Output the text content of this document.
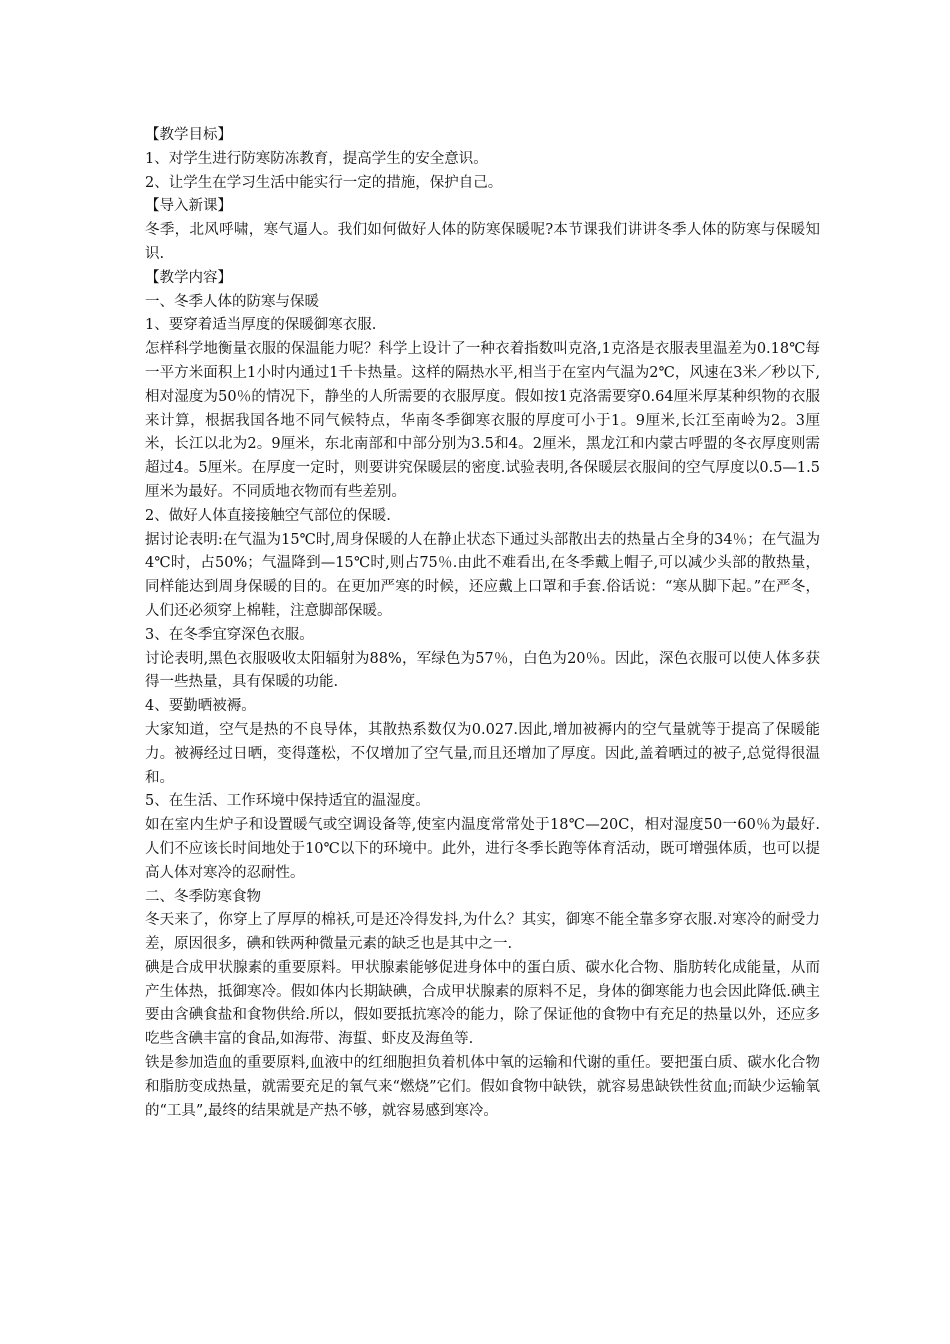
【教学目标】

1、对学生进行防寒防冻教育，提高学生的安全意识。

2、让学生在学习生活中能实行一定的措施，保护自己。

【导入新课】

冬季，北风呼啸，寒气逼人。我们如何做好人体的防寒保暖呢?本节课我们讲讲冬季人体的防寒与保暖知识.

【教学内容】

一、冬季人体的防寒与保暖

1、要穿着适当厚度的保暖御寒衣服.

怎样科学地衡量衣服的保温能力呢？科学上设计了一种衣着指数叫克洛,1克洛是衣服表里温差为0.18℃每一平方米面积上1小时内通过1千卡热量。这样的隔热水平,相当于在室内气温为2℃，风速在3米／秒以下,相对湿度为50％的情况下，静坐的人所需要的衣服厚度。假如按1克洛需要穿0.64厘米厚某种织物的衣服来计算，根据我国各地不同气候特点，华南冬季御寒衣服的厚度可小于1。9厘米,长江至南岭为2。3厘米，长江以北为2。9厘米，东北南部和中部分别为3.5和4。2厘米，黑龙江和内蒙古呼盟的冬衣厚度则需超过4。5厘米。在厚度一定时，则要讲究保暖层的密度.试验表明,各保暖层衣服间的空气厚度以0.5—1.5厘米为最好。不同质地衣物而有些差别。

2、做好人体直接接触空气部位的保暖.

据讨论表明:在气温为15℃时,周身保暖的人在静止状态下通过头部散出去的热量占全身的34％；在气温为4℃时，占50%；气温降到—15℃时,则占75％.由此不难看出,在冬季戴上帽子,可以减少头部的散热量，同样能达到周身保暖的目的。在更加严寒的时候，还应戴上口罩和手套.俗话说：“寒从脚下起。”在严冬，人们还必须穿上棉鞋，注意脚部保暖。

3、在冬季宜穿深色衣服。

讨论表明,黑色衣服吸收太阳辐射为88%，军绿色为57％，白色为20％。因此，深色衣服可以使人体多获得一些热量，具有保暖的功能.

4、要勤晒被褥。

大家知道，空气是热的不良导体，其散热系数仅为0.027.因此,增加被褥内的空气量就等于提高了保暖能力。被褥经过日晒，变得蓬松，不仅增加了空气量,而且还增加了厚度。因此,盖着晒过的被子,总觉得很温和。

5、在生活、工作环境中保持适宜的温湿度。

如在室内生炉子和设置暖气或空调设备等,使室内温度常常处于18℃—20C，相对湿度50一60％为最好.人们不应该长时间地处于10℃以下的环境中。此外，进行冬季长跑等体育活动，既可增强体质，也可以提高人体对寒冷的忍耐性。

二、冬季防寒食物

冬天来了，你穿上了厚厚的棉袄,可是还冷得发抖,为什么？其实，御寒不能全靠多穿衣服.对寒冷的耐受力差，原因很多，碘和铁两种微量元素的缺乏也是其中之一.

碘是合成甲状腺素的重要原料。甲状腺素能够促进身体中的蛋白质、碳水化合物、脂肪转化成能量，从而产生体热，抵御寒冷。假如体内长期缺碘，合成甲状腺素的原料不足，身体的御寒能力也会因此降低.碘主要由含碘食盐和食物供给.所以，假如要抵抗寒冷的能力，除了保证他的食物中有充足的热量以外，还应多吃些含碘丰富的食品,如海带、海蜇、虾皮及海鱼等.

铁是参加造血的重要原料,血液中的红细胞担负着机体中氧的运输和代谢的重任。要把蛋白质、碳水化合物和脂肪变成热量，就需要充足的氧气来“燃烧”它们。假如食物中缺铁，就容易患缺铁性贫血;而缺少运输氧的“工具”,最终的结果就是产热不够，就容易感到寒冷。
